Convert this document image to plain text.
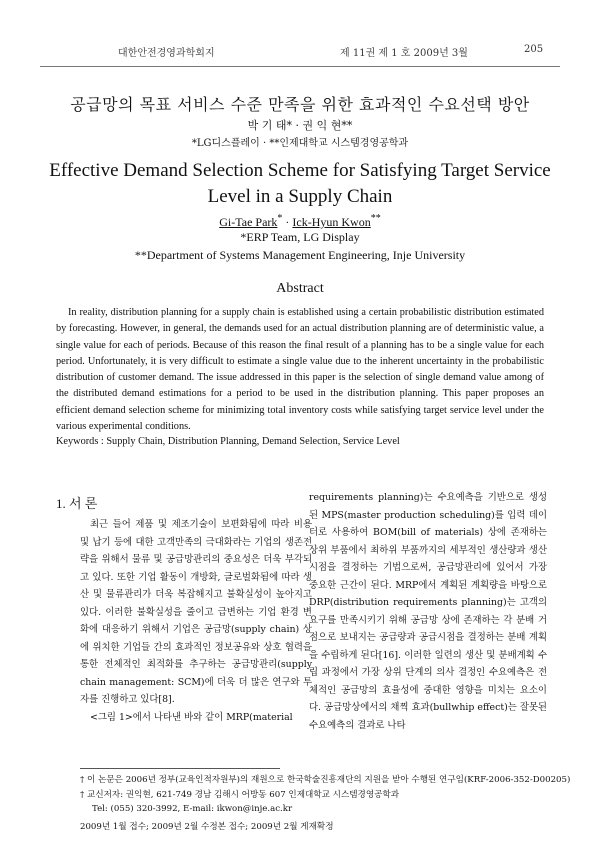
대한안전경영과학회지	제 11권 제 1 호 2009년 3월	205
공급망의 목표 서비스 수준 만족을 위한 효과적인 수요선택 방안
박 기 태* · 권 익 현**
*LG디스플레이 · **인제대학교 시스템경영공학과
Effective Demand Selection Scheme for Satisfying Target Service
Level in a Supply Chain
Gi-Tae Park* · Ick-Hyun Kwon**
*ERP Team, LG Display
**Department of Systems Management Engineering, Inje University
Abstract
In reality, distribution planning for a supply chain is established using a certain probabilistic distribution estimated by forecasting. However, in general, the demands used for an actual distribution planning are of deterministic value, a single value for each of periods. Because of this reason the final result of a planning has to be a single value for each period. Unfortunately, it is very difficult to estimate a single value due to the inherent uncertainty in the probabilistic distribution of customer demand. The issue addressed in this paper is the selection of single demand value among of the distributed demand estimations for a period to be used in the distribution planning. This paper proposes an efficient demand selection scheme for minimizing total inventory costs while satisfying target service level under the various experimental conditions.
Keywords : Supply Chain, Distribution Planning, Demand Selection, Service Level
1. 서 론

최근 들어 제품 및 제조기술이 보편화됨에 따라 비용 및 납기 등에 대한 고객만족의 극대화라는 기업의 생존전략을 위해서 물류 및 공급망관리의 중요성은 더욱 부각되고 있다. 또한 기업 활동이 개방화, 글로벌화됨에 따라 생산 및 물류관리가 더욱 복잡해지고 불확실성이 높아지고 있다. 이러한 불확실성을 줄이고 급변하는 기업 환경 변화에 대응하기 위해서 기업은 공급망(supply chain) 상에 위치한 기업들 간의 효과적인 정보공유와 상호 협력을 통한 전체적인 최적화를 추구하는 공급망관리(supply chain management: SCM)에 더욱 더 많은 연구와 투자를 진행하고 있다[8].

<그림 1>에서 나타낸 바와 같이 MRP(material

requirements planning)는 수요예측을 기반으로 생성된 MPS(master production scheduling)를 입력 데이터로 사용하여 BOM(bill of materials) 상에 존재하는 상위 부품에서 최하위 부품까지의 세부적인 생산량과 생산 시점을 결정하는 기법으로써, 공급망관리에 있어서 가장 중요한 근간이 된다. MRP에서 계획된 계획량을 바탕으로 DRP(distribution requirements planning)는 고객의 요구를 만족시키기 위해 공급망 상에 존재하는 각 분배 거점으로 보내지는 공급량과 공급시점을 결정하는 분배 계획을 수립하게 된다[16]. 이러한 일련의 생산 및 분배계획 수립 과정에서 가장 상위 단계의 의사 결정인 수요예측은 전체적인 공급망의 효율성에 중대한 영향을 미치는 요소이다. 공급망상에서의 채찍 효과(bullwhip effect)는 잘못된 수요예측의 결과로 나타

† 이 논문은 2006년 정부(교육인적자원부)의 재원으로 한국학술진흥재단의 지원을 받아 수행된 연구임(KRF-2006-352-D00205)
† 교신저자: 권익현, 621-749 경남 김해시 어방동 607 인제대학교 시스템경영공학과
Tel: (055) 320-3992, E-mail: ikwon@inje.ac.kr
2009년 1월 접수; 2009년 2월 수정본 접수; 2009년 2월 게재확정
